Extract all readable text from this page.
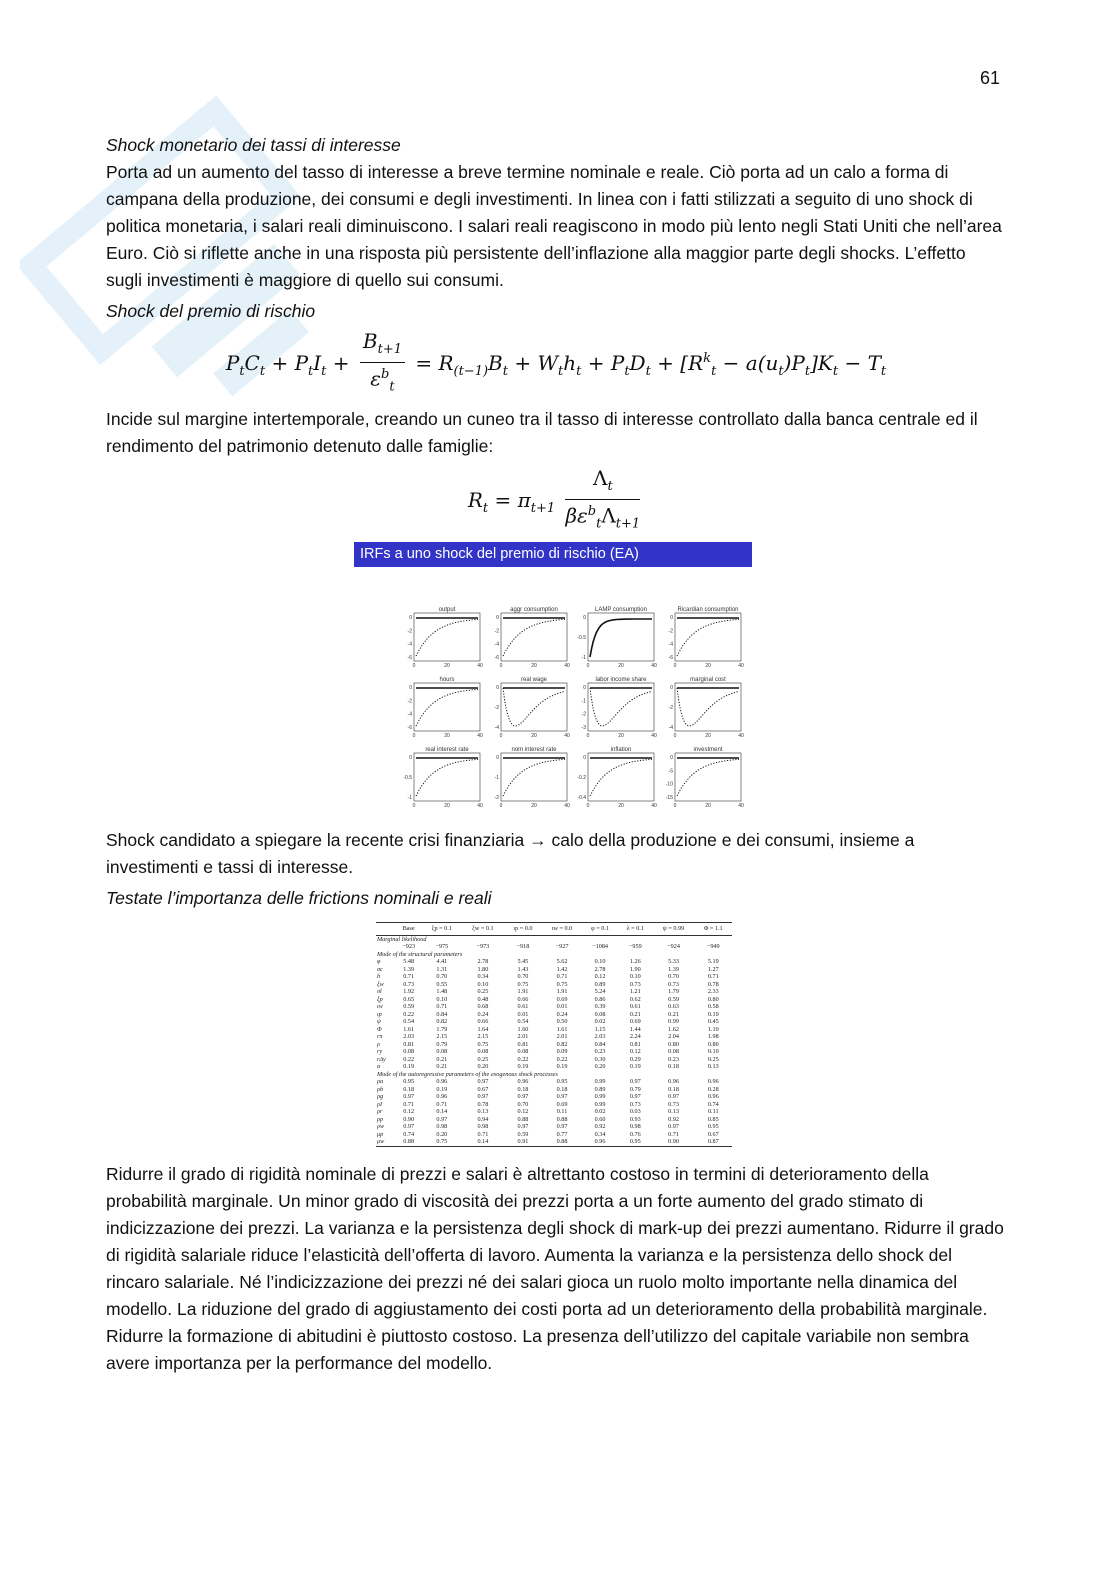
61

Shock monetario dei tassi di interesse

Porta ad un aumento del tasso di interesse a breve termine nominale e reale. Ciò porta ad un calo a forma di campana della produzione, dei consumi e degli investimenti. In linea con i fatti stilizzati a seguito di uno shock di politica monetaria, i salari reali diminuiscono. I salari reali reagiscono in modo più lento negli Stati Uniti che nell’area Euro. Ciò si riflette anche in una risposta più persistente dell’inflazione alla maggior parte degli shocks. L’effetto sugli investimenti è maggiore di quello sui consumi.

Shock del premio di rischio

$P_tC_t + P_tI_t + \frac{B_{t+1}}{\varepsilon^b_t} = R_{(t-1)}B_t + W_th_t + P_tD_t + [R^k_t - a(u_t)P_t]K_t - T_t$

Incide sul margine intertemporale, creando un cuneo tra il tasso di interesse controllato dalla banca centrale ed il rendimento del patrimonio detenuto dalle famiglie:

$R_t = \pi_{t+1} \frac{\Lambda_t}{\beta\varepsilon^b_t\Lambda_{t+1}}$
IRFs a uno shock del premio di rischio (EA)
output
0
-2
-4
-6
0	20	40
aggr consumption
0
-2
-4
-6
0	20	40
LAMP consumption
0
-0.5
-1
0	20	40
Ricardian consumption
0
-2
-4
-6
0	20	40
hours
0
-2
-4
-6
0	20	40
real wage
0
-2
-4
0	20	40
labor income share
0
-1
-2
-3
0	20	40
marginal cost
0
-2
-4
0	20	40
real interest rate
0
-0.5
-1
0	20	40
nom interest rate
0
-1
-2
0	20	40
inflation
0
-0.2
-0.4
0	20	40
investment
0
-5
-10
-15
0	20	40

Shock candidato a spiegare la recente crisi finanziaria → calo della produzione e dei consumi, insieme a investimenti e tassi di interesse.

Testate l’importanza delle frictions nominali e reali

	Base	ξp = 0.1	ξw = 0.1	ιp = 0.0	ιw = 0.0	φ = 0.1	λ = 0.1	ψ = 0.99	Φ = 1.1
Marginal likelihood									
	−923	−975	−973	−918	−927	−1084	−959	−924	−949
Mode of the structural parameters									
φ	5.48	4.41	2.78	5.45	5.62	0.10	1.26	5.33	5.19
σc	1.39	1.31	1.80	1.43	1.42	2.78	1.90	1.39	1.27
h	0.71	0.70	0.34	0.70	0.71	0.12	0.10	0.70	0.71
ξw	0.73	0.55	0.10	0.75	0.75	0.89	0.73	0.73	0.78
σl	1.92	1.48	0.25	1.91	1.91	5.24	1.21	1.79	2.33
ξp	0.65	0.10	0.48	0.66	0.69	0.86	0.62	0.59	0.80
ιw	0.59	0.71	0.68	0.61	0.01	0.39	0.61	0.63	0.58
ιp	0.22	0.84	0.24	0.01	0.24	0.08	0.21	0.21	0.19
ψ	0.54	0.82	0.66	0.54	0.50	0.02	0.69	0.99	0.45
Φ	1.61	1.79	1.64	1.60	1.61	1.15	1.44	1.62	1.10
rπ	2.03	2.15	2.15	2.01	2.01	2.03	2.24	2.04	1.98
ρ	0.81	0.79	0.75	0.81	0.82	0.84	0.81	0.80	0.80
ry	0.08	0.08	0.08	0.08	0.09	0.23	0.12	0.08	0.10
rΔy	0.22	0.21	0.25	0.22	0.22	0.30	0.29	0.23	0.25
α	0.19	0.21	0.20	0.19	0.19	0.20	0.19	0.18	0.13
Mode of the autoregressive parameters of the exogenous shock processes									
ρa	0.95	0.96	0.97	0.96	0.95	0.99	0.97	0.96	0.96
ρb	0.18	0.19	0.67	0.18	0.18	0.89	0.79	0.18	0.28
ρg	0.97	0.96	0.97	0.97	0.97	0.99	0.97	0.97	0.96
ρI	0.71	0.71	0.78	0.70	0.69	0.99	0.73	0.73	0.74
ρr	0.12	0.14	0.13	0.12	0.11	0.02	0.03	0.13	0.11
ρp	0.90	0.97	0.94	0.88	0.88	0.60	0.93	0.92	0.85
ρw	0.97	0.98	0.98	0.97	0.97	0.92	0.98	0.97	0.95
μp	0.74	0.20	0.71	0.59	0.77	0.34	0.76	0.71	0.67
μw	0.88	0.75	0.14	0.91	0.88	0.96	0.95	0.90	0.87

Ridurre il grado di rigidità nominale di prezzi e salari è altrettanto costoso in termini di deterioramento della probabilità marginale. Un minor grado di viscosità dei prezzi porta a un forte aumento del grado stimato di indicizzazione dei prezzi. La varianza e la persistenza degli shock di mark-up dei prezzi aumentano. Ridurre il grado di rigidità salariale riduce l’elasticità dell’offerta di lavoro. Aumenta la varianza e la persistenza dello shock del rincaro salariale. Né l’indicizzazione dei prezzi né dei salari gioca un ruolo molto importante nella dinamica del modello. La riduzione del grado di aggiustamento dei costi porta ad un deterioramento della probabilità marginale. Ridurre la formazione di abitudini è piuttosto costoso. La presenza dell’utilizzo del capitale variabile non sembra avere importanza per la performance del modello.
